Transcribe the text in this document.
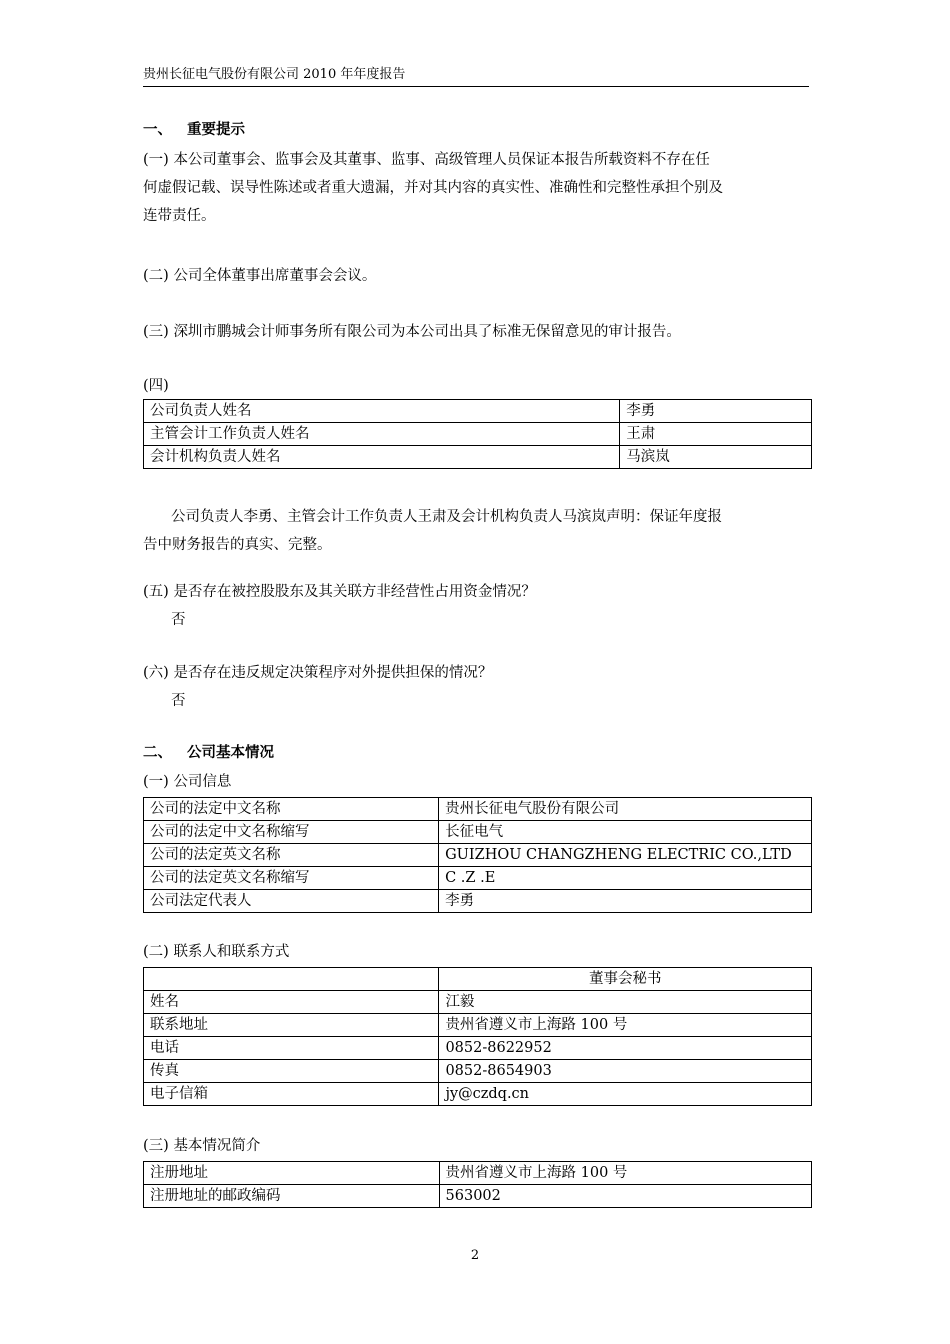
贵州长征电气股份有限公司 2010 年年度报告
一、 重要提示
(一) 本公司董事会、监事会及其董事、监事、高级管理人员保证本报告所载资料不存在任
何虚假记载、误导性陈述或者重大遗漏，并对其内容的真实性、准确性和完整性承担个别及
连带责任。
(二) 公司全体董事出席董事会会议。
(三) 深圳市鹏城会计师事务所有限公司为本公司出具了标准无保留意见的审计报告。
(四)
公司负责人姓名	李勇
主管会计工作负责人姓名	王肃
会计机构负责人姓名	马滨岚
公司负责人李勇、主管会计工作负责人王肃及会计机构负责人马滨岚声明：保证年度报
告中财务报告的真实、完整。
(五) 是否存在被控股股东及其关联方非经营性占用资金情况？
否
(六) 是否存在违反规定决策程序对外提供担保的情况？
否
二、 公司基本情况
(一) 公司信息
公司的法定中文名称	贵州长征电气股份有限公司
公司的法定中文名称缩写	长征电气
公司的法定英文名称	GUIZHOU CHANGZHENG ELECTRIC CO.,LTD
公司的法定英文名称缩写	C .Z .E
公司法定代表人	李勇
(二) 联系人和联系方式
	董事会秘书
姓名	江毅
联系地址	贵州省遵义市上海路 100 号
电话	0852-8622952
传真	0852-8654903
电子信箱	jy@czdq.cn
(三) 基本情况简介
注册地址	贵州省遵义市上海路 100 号
注册地址的邮政编码	563002
2
